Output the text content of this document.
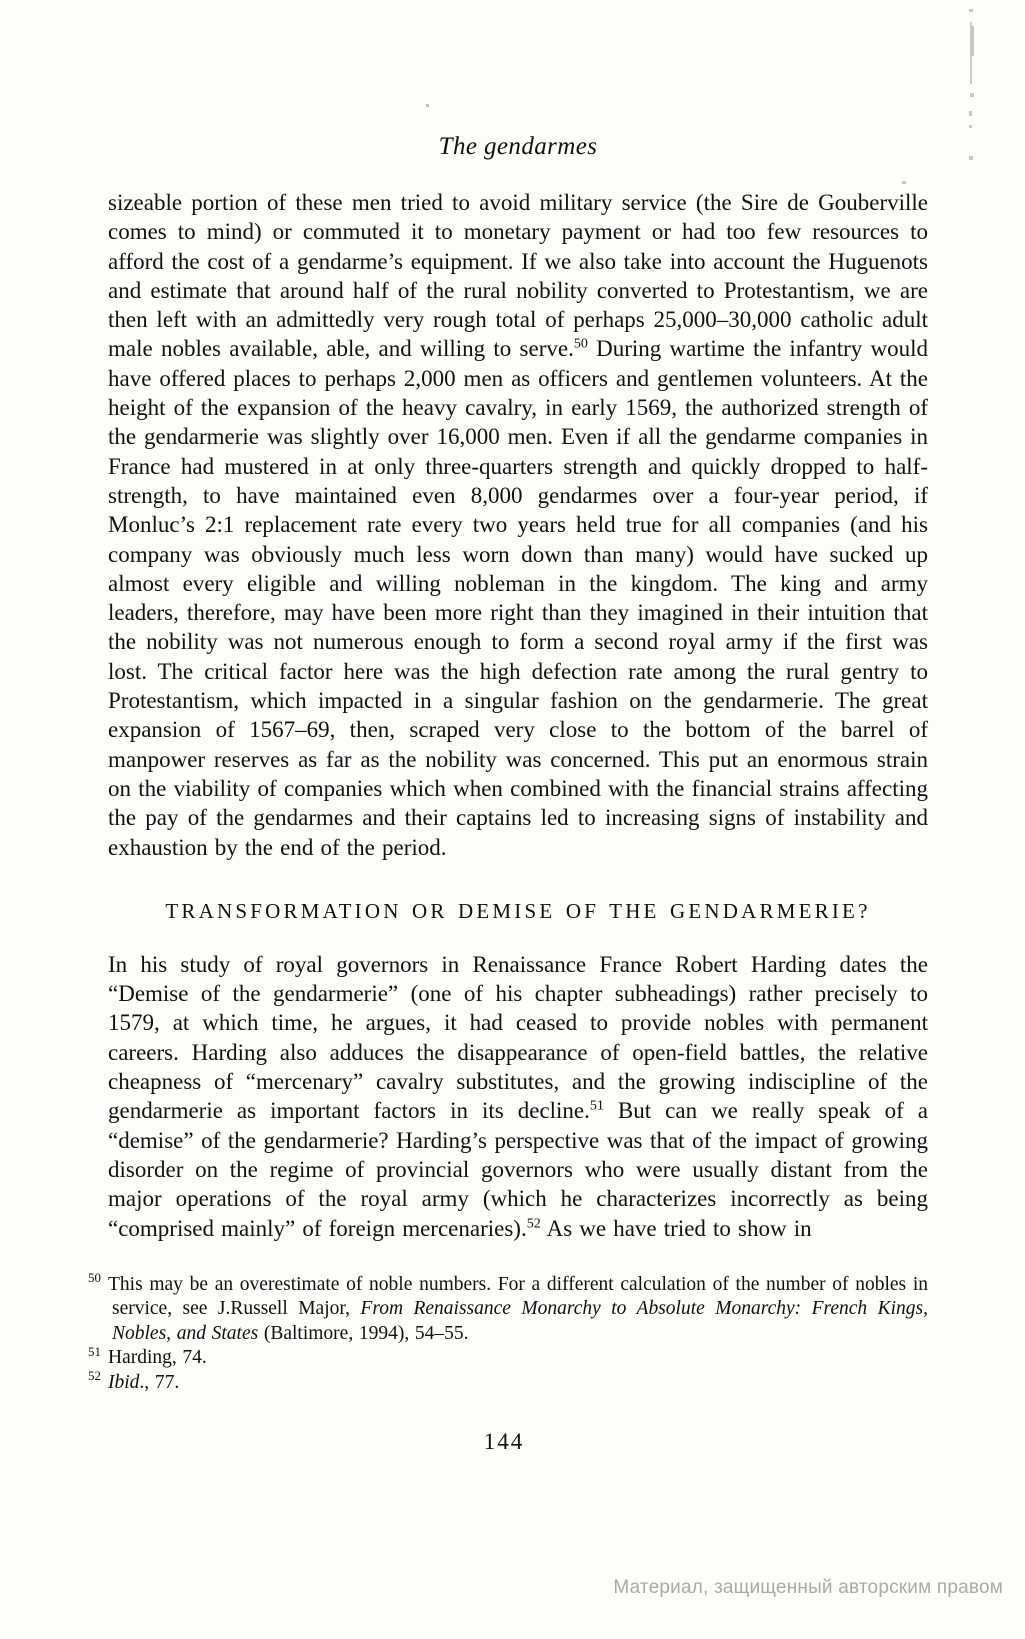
The gendarmes

sizeable portion of these men tried to avoid military service (the Sire de Gouberville comes to mind) or commuted it to monetary payment or had too few resources to afford the cost of a gendarme’s equipment. If we also take into account the Huguenots and estimate that around half of the rural nobility converted to Protestantism, we are then left with an admittedly very rough total of perhaps 25,000–30,000 catholic adult male nobles available, able, and willing to serve.$^{50}$ During wartime the infantry would have offered places to perhaps 2,000 men as officers and gentlemen volunteers. At the height of the expansion of the heavy cavalry, in early 1569, the authorized strength of the gendarmerie was slightly over 16,000 men. Even if all the gendarme companies in France had mustered in at only three-quarters strength and quickly dropped to half-strength, to have maintained even 8,000 gendarmes over a four-year period, if Monluc’s 2:1 replacement rate every two years held true for all companies (and his company was obviously much less worn down than many) would have sucked up almost every eligible and willing nobleman in the kingdom. The king and army leaders, therefore, may have been more right than they imagined in their intuition that the nobility was not numerous enough to form a second royal army if the first was lost. The critical factor here was the high defection rate among the rural gentry to Protestantism, which impacted in a singular fashion on the gendarmerie. The great expansion of 1567–69, then, scraped very close to the bottom of the barrel of manpower reserves as far as the nobility was concerned. This put an enormous strain on the viability of companies which when combined with the financial strains affecting the pay of the gendarmes and their captains led to increasing signs of instability and exhaustion by the end of the period.

TRANSFORMATION OR DEMISE OF THE GENDARMERIE?

In his study of royal governors in Renaissance France Robert Harding dates the “Demise of the gendarmerie” (one of his chapter subheadings) rather precisely to 1579, at which time, he argues, it had ceased to provide nobles with permanent careers. Harding also adduces the disappearance of open-field battles, the relative cheapness of “mercenary” cavalry substitutes, and the growing indiscipline of the gendarmerie as important factors in its decline.$^{51}$ But can we really speak of a “demise” of the gendarmerie? Harding’s perspective was that of the impact of growing disorder on the regime of provincial governors who were usually distant from the major operations of the royal army (which he characterizes incorrectly as being “comprised mainly” of foreign mercenaries).$^{52}$ As we have tried to show in

$^{50}$ This may be an overestimate of noble numbers. For a different calculation of the number of nobles in service, see J.Russell Major, From Renaissance Monarchy to Absolute Monarchy: French Kings, Nobles, and States (Baltimore, 1994), 54–55.
$^{51}$ Harding, 74.
$^{52}$ Ibid., 77.
144
Материал, защищенный авторским правом
